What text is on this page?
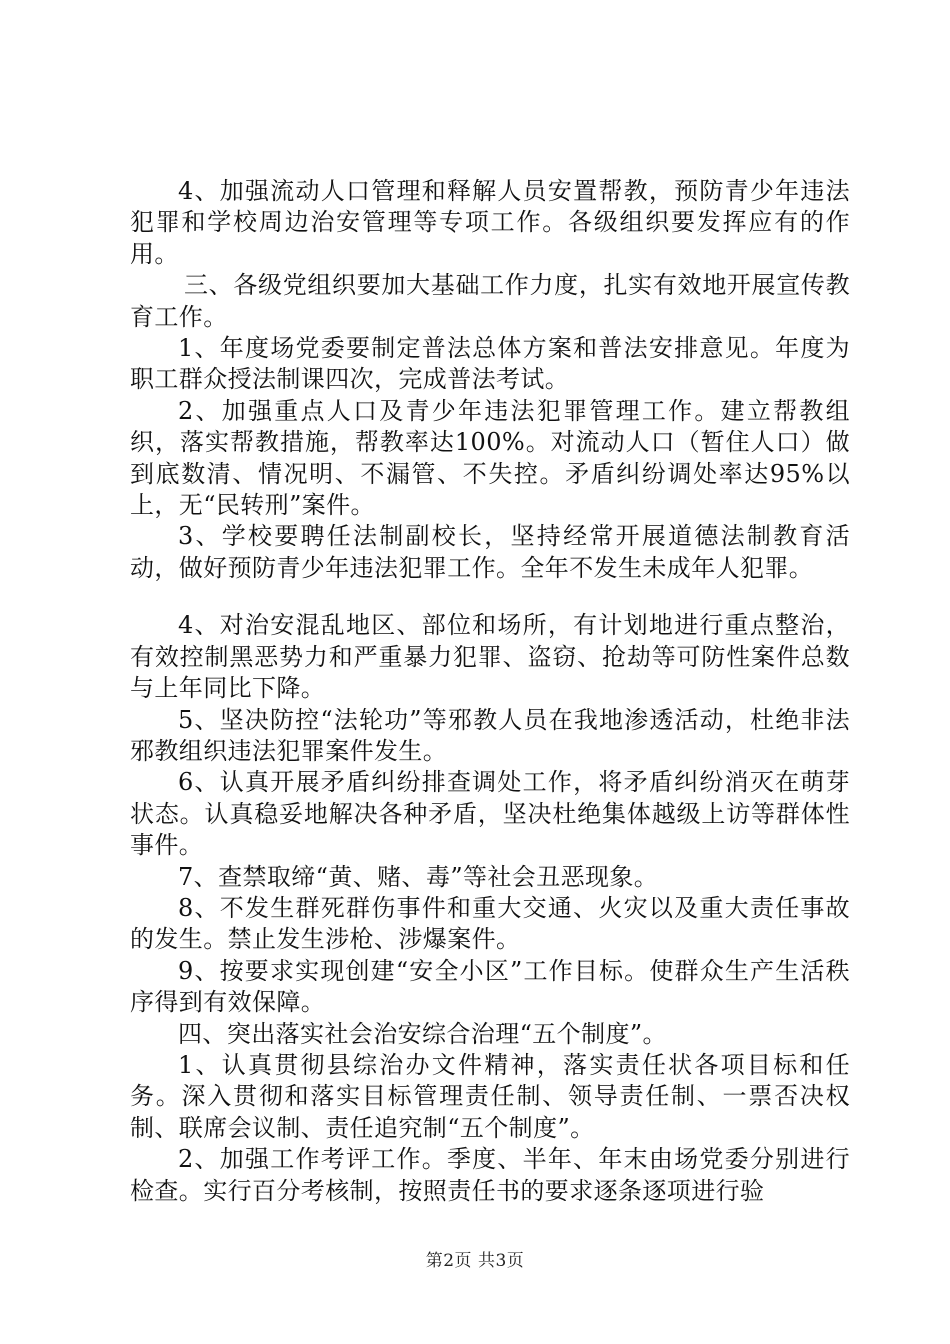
4、加强流动人口管理和释解人员安置帮教，预防青少年违法犯罪和学校周边治安管理等专项工作。各级组织要发挥应有的作用。

三、各级党组织要加大基础工作力度，扎实有效地开展宣传教育工作。

1、年度场党委要制定普法总体方案和普法安排意见。年度为职工群众授法制课四次，完成普法考试。

2、加强重点人口及青少年违法犯罪管理工作。建立帮教组织，落实帮教措施，帮教率达100%。对流动人口（暂住人口）做到底数清、情况明、不漏管、不失控。矛盾纠纷调处率达95%以上，无“民转刑”案件。

3、学校要聘任法制副校长，坚持经常开展道德法制教育活动，做好预防青少年违法犯罪工作。全年不发生未成年人犯罪。

4、对治安混乱地区、部位和场所，有计划地进行重点整治，有效控制黑恶势力和严重暴力犯罪、盗窃、抢劫等可防性案件总数与上年同比下降。

5、坚决防控“法轮功”等邪教人员在我地渗透活动，杜绝非法邪教组织违法犯罪案件发生。

6、认真开展矛盾纠纷排查调处工作，将矛盾纠纷消灭在萌芽状态。认真稳妥地解决各种矛盾，坚决杜绝集体越级上访等群体性事件。

7、查禁取缔“黄、赌、毒”等社会丑恶现象。

8、不发生群死群伤事件和重大交通、火灾以及重大责任事故的发生。禁止发生涉枪、涉爆案件。

9、按要求实现创建“安全小区”工作目标。使群众生产生活秩序得到有效保障。

四、突出落实社会治安综合治理“五个制度”。

1、认真贯彻县综治办文件精神，落实责任状各项目标和任务。深入贯彻和落实目标管理责任制、领导责任制、一票否决权制、联席会议制、责任追究制“五个制度”。

2、加强工作考评工作。季度、半年、年末由场党委分别进行检查。实行百分考核制，按照责任书的要求逐条逐项进行验

第2页 共3页
